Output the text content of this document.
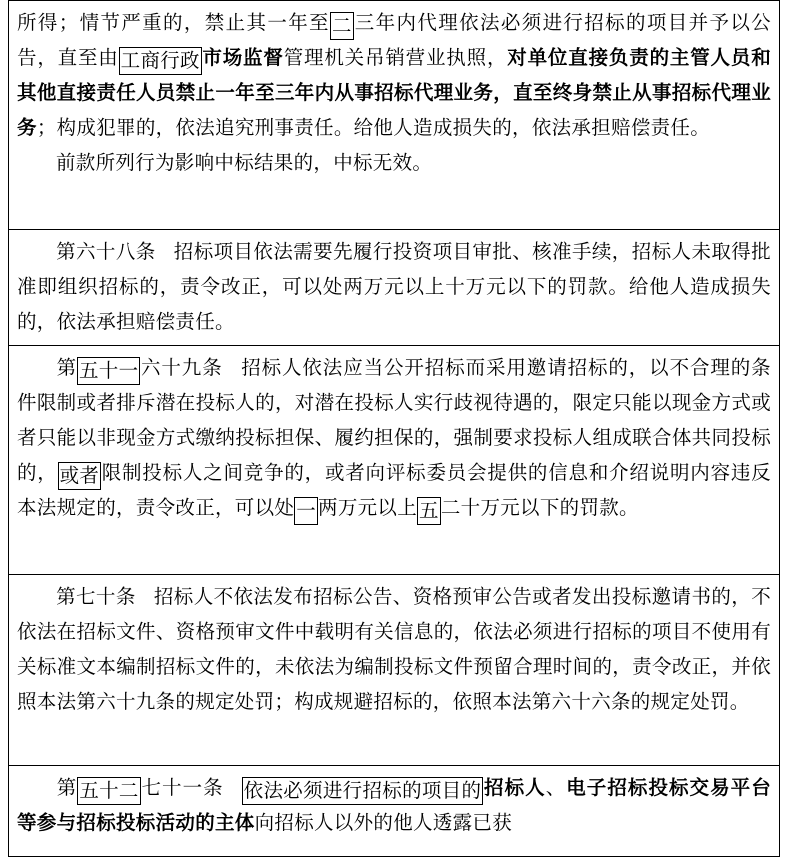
所得；情节严重的，禁止其一年至 二 三年内代理依法必须进行招标的项目并予以公告，直至由 工商行政 市场监督管理机关吊销营业执照，对单位直接负责的主管人员和其他直接责任人员禁止一年至三年内从事招标代理业务，直至终身禁止从事招标代理业务；构成犯罪的，依法追究刑事责任。给他人造成损失的，依法承担赔偿责任。
前款所列行为影响中标结果的，中标无效。

第六十八条 招标项目依法需要先履行投资项目审批、核准手续，招标人未取得批准即组织招标的，责令改正，可以处两万元以上十万元以下的罚款。给他人造成损失的，依法承担赔偿责任。

第 五十一 六十九条 招标人依法应当公开招标而采用邀请招标的，以不合理的条件限制或者排斥潜在投标人的，对潜在投标人实行歧视待遇的，限定只能以现金方式或者只能以非现金方式缴纳投标担保、履约担保的，强制要求投标人组成联合体共同投标的， 或者 限制投标人之间竞争的，或者向评标委员会提供的信息和介绍说明内容违反本法规定的，责令改正，可以处 一 两万元以上 五 二十万元以下的罚款。

第七十条 招标人不依法发布招标公告、资格预审公告或者发出投标邀请书的，不依法在招标文件、资格预审文件中载明有关信息的，依法必须进行招标的项目不使用有关标准文本编制招标文件的，未依法为编制投标文件预留合理时间的，责令改正，并依照本法第六十九条的规定处罚；构成规避招标的，依照本法第六十六条的规定处罚。

第 五十二 七十一条 依法必须进行招标的项目的 招标人、电子招标投标交易平台等参与招标投标活动的主体向招标人以外的他人透露已获
